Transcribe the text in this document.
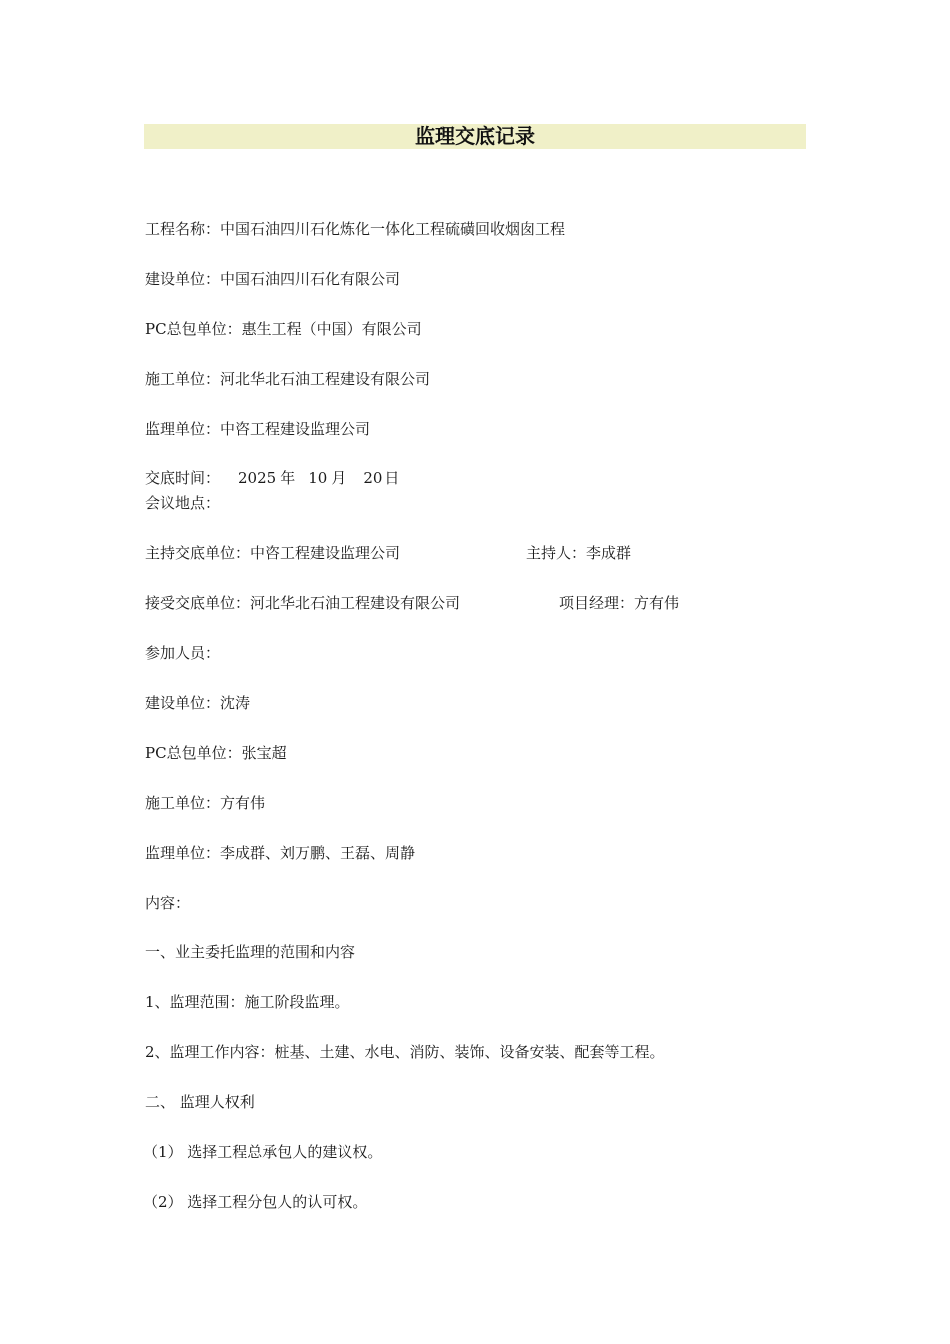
监理交底记录
工程名称：中国石油四川石化炼化一体化工程硫磺回收烟囱工程
建设单位：中国石油四川石化有限公司
PC总包单位：惠生工程（中国）有限公司
施工单位：河北华北石油工程建设有限公司
监理单位：中咨工程建设监理公司
交底时间： 2025 年 10 月 20 日
会议地点：
主持交底单位：中咨工程建设监理公司	主持人：李成群
接受交底单位：河北华北石油工程建设有限公司	项目经理：方有伟
参加人员：
建设单位：沈涛
PC总包单位：张宝超
施工单位：方有伟
监理单位：李成群、刘万鹏、王磊、周静
内容：
一、业主委托监理的范围和内容
1、监理范围：施工阶段监理。
2、监理工作内容：桩基、土建、水电、消防、装饰、设备安装、配套等工程。
二、 监理人权利
（1） 选择工程总承包人的建议权。
（2） 选择工程分包人的认可权。
